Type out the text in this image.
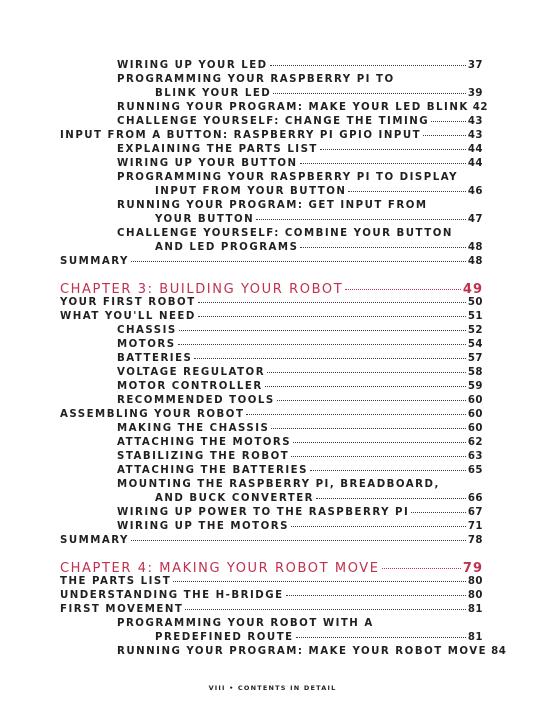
WIRING UP YOUR LED	37
PROGRAMMING YOUR RASPBERRY PI TO
BLINK YOUR LED	39
RUNNING YOUR PROGRAM: MAKE YOUR LED BLINK 42
CHALLENGE YOURSELF: CHANGE THE TIMING	43
INPUT FROM A BUTTON: RASPBERRY PI GPIO INPUT	43
EXPLAINING THE PARTS LIST	44
WIRING UP YOUR BUTTON	44
PROGRAMMING YOUR RASPBERRY PI TO DISPLAY
INPUT FROM YOUR BUTTON	46
RUNNING YOUR PROGRAM: GET INPUT FROM
YOUR BUTTON	47
CHALLENGE YOURSELF: COMBINE YOUR BUTTON
AND LED PROGRAMS	48
SUMMARY	48
CHAPTER 3: BUILDING YOUR ROBOT	49
YOUR FIRST ROBOT	50
WHAT YOU'LL NEED	51
CHASSIS	52
MOTORS	54
BATTERIES	57
VOLTAGE REGULATOR	58
MOTOR CONTROLLER	59
RECOMMENDED TOOLS	60
ASSEMBLING YOUR ROBOT	60
MAKING THE CHASSIS	60
ATTACHING THE MOTORS	62
STABILIZING THE ROBOT	63
ATTACHING THE BATTERIES	65
MOUNTING THE RASPBERRY PI, BREADBOARD,
AND BUCK CONVERTER	66
WIRING UP POWER TO THE RASPBERRY PI	67
WIRING UP THE MOTORS	71
SUMMARY	78
CHAPTER 4: MAKING YOUR ROBOT MOVE	79
THE PARTS LIST	80
UNDERSTANDING THE H-BRIDGE	80
FIRST MOVEMENT	81
PROGRAMMING YOUR ROBOT WITH A
PREDEFINED ROUTE	81
RUNNING YOUR PROGRAM: MAKE YOUR ROBOT MOVE 84
VIII • CONTENTS IN DETAIL
